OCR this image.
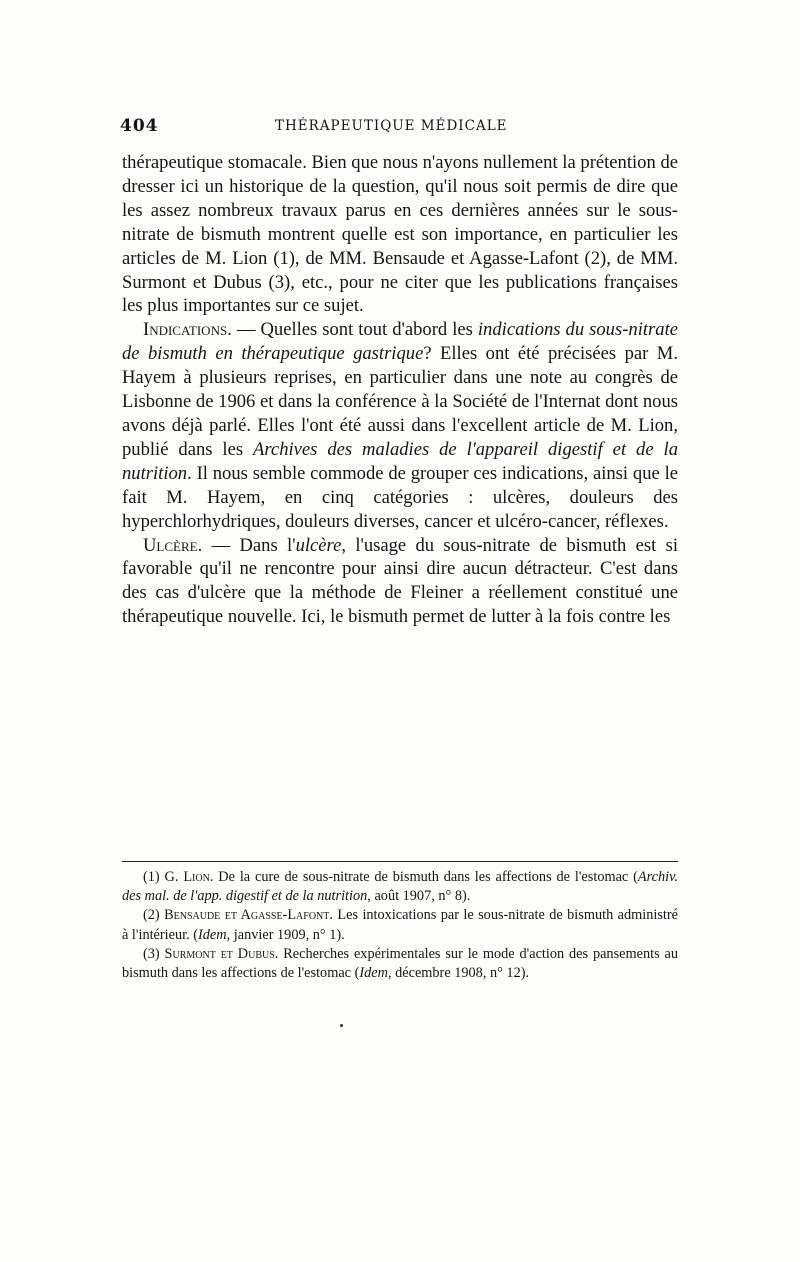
404	THÉRAPEUTIQUE MÉDICALE

thérapeutique stomacale. Bien que nous n'ayons nullement la prétention de dresser ici un historique de la question, qu'il nous soit permis de dire que les assez nombreux travaux parus en ces dernières années sur le sous-nitrate de bismuth montrent quelle est son importance, en particulier les articles de M. Lion (1), de MM. Bensaude et Agasse-Lafont (2), de MM. Surmont et Dubus (3), etc., pour ne citer que les publications françaises les plus importantes sur ce sujet.

Indications. — Quelles sont tout d'abord les indications du sous-nitrate de bismuth en thérapeutique gastrique? Elles ont été précisées par M. Hayem à plusieurs reprises, en particulier dans une note au congrès de Lisbonne de 1906 et dans la conférence à la Société de l'Internat dont nous avons déjà parlé. Elles l'ont été aussi dans l'excellent article de M. Lion, publié dans les Archives des maladies de l'appareil digestif et de la nutrition. Il nous semble commode de grouper ces indications, ainsi que le fait M. Hayem, en cinq catégories : ulcères, douleurs des hyperchlorhydriques, douleurs diverses, cancer et ulcéro-cancer, réflexes.

Ulcère. — Dans l'ulcère, l'usage du sous-nitrate de bismuth est si favorable qu'il ne rencontre pour ainsi dire aucun détracteur. C'est dans des cas d'ulcère que la méthode de Fleiner a réellement constitué une thérapeutique nouvelle. Ici, le bismuth permet de lutter à la fois contre les

(1) G. Lion. De la cure de sous-nitrate de bismuth dans les affections de l'estomac (Archiv. des mal. de l'app. digestif et de la nutrition, août 1907, n° 8).

(2) Bensaude et Agasse-Lafont. Les intoxications par le sous-nitrate de bismuth administré à l'intérieur. (Idem, janvier 1909, n° 1).

(3) Surmont et Dubus. Recherches expérimentales sur le mode d'action des pansements au bismuth dans les affections de l'estomac (Idem, décembre 1908, n° 12).
